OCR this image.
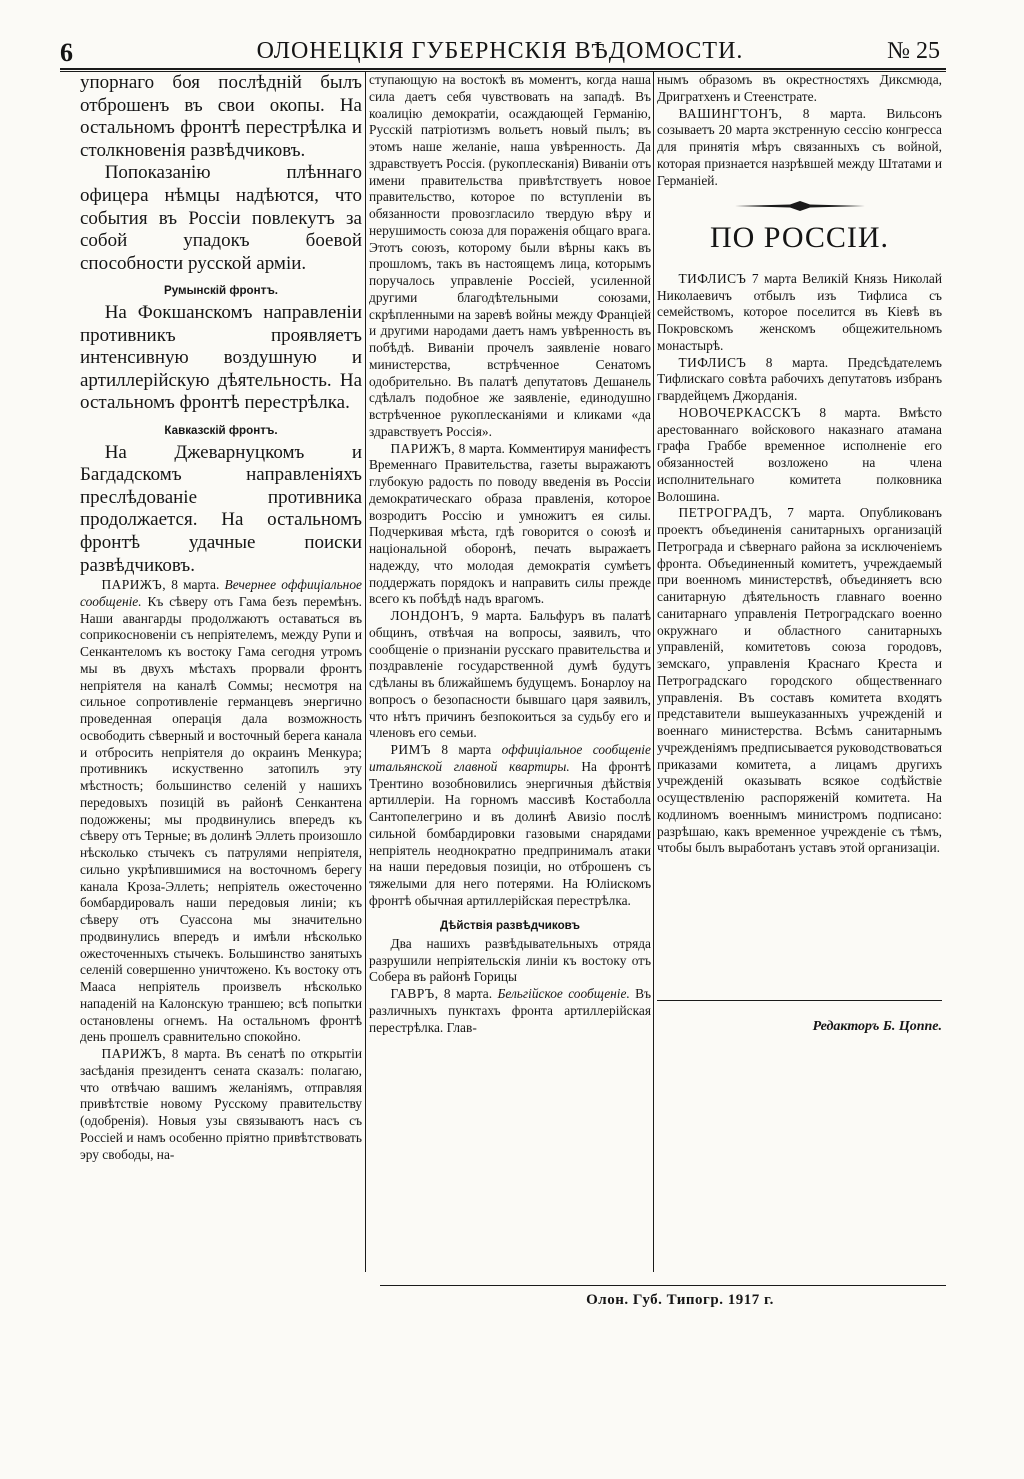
ОЛОНЕЦКІЯ ГУБЕРНСКІЯ ВѢДОМОСТИ.
6	№ 25

упорнаго боя послѣдній былъ отброшенъ въ свои окопы. На остальномъ фронтѣ перестрѣлка и столкновенія развѣдчиковъ.

Попоказанію плѣннаго офицера нѣмцы надѣются, что события въ Россіи повлекутъ за собой упадокъ боевой способности русской арміи.

Румынскій фронтъ.

На Фокшанскомъ направленіи противникъ проявляетъ интенсивную воздушную и артиллерійскую дѣятельность. На остальномъ фронтѣ перестрѣлка.

Кавказскій фронтъ.

На Джеварнуцкомъ и Багдадскомъ направленіяхъ преслѣдованіе противника продолжается. На остальномъ фронтѣ удачные поиски развѣдчиковъ.

ПАРИЖЪ, 8 марта. Вечернее оффиціальное сообщеніе. Къ сѣверу отъ Гама безъ перемѣнъ. Наши авангарды продолжаютъ оставаться въ соприкосновеніи съ непріятелемъ, между Рупи и Сенкантеломъ къ востоку Гама сегодня утромъ мы въ двухъ мѣстахъ прорвали фронтъ непріятеля на каналѣ Соммы; несмотря на сильное сопротивленіе германцевъ энергично проведенная операція дала возможность освободить сѣверный и восточный берега канала и отбросить непріятеля до окраинъ Менкура; противникъ искуственно затопилъ эту мѣстность; большинство селеній у нашихъ передовыхъ позицій въ районѣ Сенкантена подожжены; мы продвинулись впередъ къ сѣверу отъ Терные; въ долинѣ Эллеть произошло нѣсколько стычекъ съ патрулями непріятеля, сильно укрѣпившимися на восточномъ берегу канала Кроза-Эллеть; непріятель ожесточенно бомбардировалъ наши передовыя линіи; къ сѣверу отъ Суассона мы значительно продвинулись впередъ и имѣли нѣсколько ожесточенныхъ стычекъ. Большинство занятыхъ селеній совершенно уничтожено. Къ востоку отъ Мааса непріятель произвелъ нѣсколько нападеній на Калонскую траншею; всѣ попытки остановлены огнемъ. На остальномъ фронтѣ день прошелъ сравнительно спокойно.

ПАРИЖЪ, 8 марта. Въ сенатѣ по открытіи засѣданія президентъ сената сказалъ: полагаю, что отвѣчаю вашимъ желаніямъ, отправляя привѣтствіе новому Русскому правительству (одобренія). Новыя узы связываютъ насъ съ Россіей и намъ особенно пріятно привѣтствовать эру свободы, на-

ступающую на востокѣ въ моментъ, когда наша сила даетъ себя чувствовать на западѣ. Въ коалицію демократіи, осаждающей Германію, Русскій патріотизмъ вольетъ новый пылъ; въ этомъ наше желаніе, наша увѣренность. Да здравствуетъ Россія. (рукоплесканія) Виваніи отъ имени правительства привѣтствуетъ новое правительство, которое по вступленіи въ обязанности провозгласило твердую вѣру и нерушимость союза для пораженія общаго врага. Этотъ союзъ, которому были вѣрны какъ въ прошломъ, такъ въ настоящемъ лица, которымъ поручалось управленіе Россіей, усиленной другими благодѣтельными союзами, скрѣпленными на заревѣ войны между Франціей и другими народами даетъ намъ увѣренность въ побѣдѣ. Виваніи прочелъ заявленіе новаго министерства, встрѣченное Сенатомъ одобрительно. Въ палатѣ депутатовъ Дешанель сдѣлалъ подобное же заявленіе, единодушно встрѣченное рукоплесканіями и кликами «да здравствуетъ Россія».

ПАРИЖЪ, 8 марта. Комментируя манифестъ Временнаго Правительства, газеты выражаютъ глубокую радость по поводу введенія въ Россіи демократическаго образа правленія, которое возродитъ Россію и умножитъ ея силы. Подчеркивая мѣста, гдѣ говорится о союзѣ и національной оборонѣ, печать выражаетъ надежду, что молодая демократія сумѣетъ поддержать порядокъ и направить силы прежде всего къ побѣдѣ надъ врагомъ.

ЛОНДОНЪ, 9 марта. Бальфуръ въ палатѣ общинъ, отвѣчая на вопросы, заявилъ, что сообщеніе о признаніи русскаго правительства и поздравленіе государственной думѣ будутъ сдѣланы въ ближайшемъ будущемъ. Бонарлоу на вопросъ о безопасности бывшаго царя заявилъ, что нѣтъ причинъ безпокоиться за судьбу его и членовъ его семьи.

РИМЪ 8 марта оффиціальное сообщеніе итальянской главной квартиры. На фронтѣ Трентино возобновились энергичныя дѣйствія артиллеріи. На горномъ массивѣ Костаболла Сантопелегрино и въ долинѣ Авизіо послѣ сильной бомбардировки газовыми снарядами непріятель неоднократно предпринималъ атаки на наши передовыя позиціи, но отброшенъ съ тяжелыми для него потерями. На Юліискомъ фронтѣ обычная артиллерійская перестрѣлка.

Дѣйствія развѣдчиковъ

Два нашихъ развѣдывательныхъ отряда разрушили непріятельскія линіи къ востоку отъ Собера въ районѣ Горицы

ГАВРЪ, 8 марта. Бельгійское сообщеніе. Въ различныхъ пунктахъ фронта артиллерійская перестрѣлка. Глав-

нымъ образомъ въ окрестностяхъ Диксмюда, Дригратхенъ и Стеенстрате.

ВАШИНГТОНЪ, 8 марта. Вильсонъ созываетъ 20 марта экстренную сессію конгресса для принятія мѣръ связанныхъ съ войной, которая признается назрѣвшей между Штатами и Германіей.

ПО РОССІИ.

ТИФЛИСЪ 7 марта Великій Князь Николай Николаевичъ отбылъ изъ Тифлиса съ семействомъ, которое поселится въ Кіевѣ въ Покровскомъ женскомъ общежительномъ монастырѣ.

ТИФЛИСЪ 8 марта. Предсѣдателемъ Тифлискаго совѣта рабочихъ депутатовъ избранъ гвардейцемъ Джорданія.

НОВОЧЕРКАССКЪ 8 марта. Вмѣсто арестованнаго войскового наказнаго атамана графа Граббе временное исполненіе его обязанностей возложено на члена исполнительнаго комитета полковника Волошина.

ПЕТРОГРАДЪ, 7 марта. Опубликованъ проектъ объединенія санитарныхъ организацій Петрограда и сѣвернаго района за исключеніемъ фронта. Объединенный комитетъ, учреждаемый при военномъ министерствѣ, объединяетъ всю санитарную дѣятельность главнаго военно санитарнаго управленія Петроградскаго военно окружнаго и областного санитарныхъ управленій, комитетовъ союза городовъ, земскаго, управленія Краснаго Креста и Петроградскаго городского общественнаго управленія. Въ составъ комитета входятъ представители вышеуказанныхъ учрежденій и военнаго министерства. Всѣмъ санитарнымъ учрежденіямъ предписывается руководствоваться приказами комитета, а лицамъ другихъ учрежденій оказывать всякое содѣйствіе осуществленію распоряженій комитета. На кодлиномъ военнымъ министромъ подписано: разрѣшаю, какъ временное учрежденіе съ тѣмъ, чтобы былъ выработанъ уставъ этой организаціи.

Редакторъ Б. Цоппе.
Олон. Губ. Типогр. 1917 г.
